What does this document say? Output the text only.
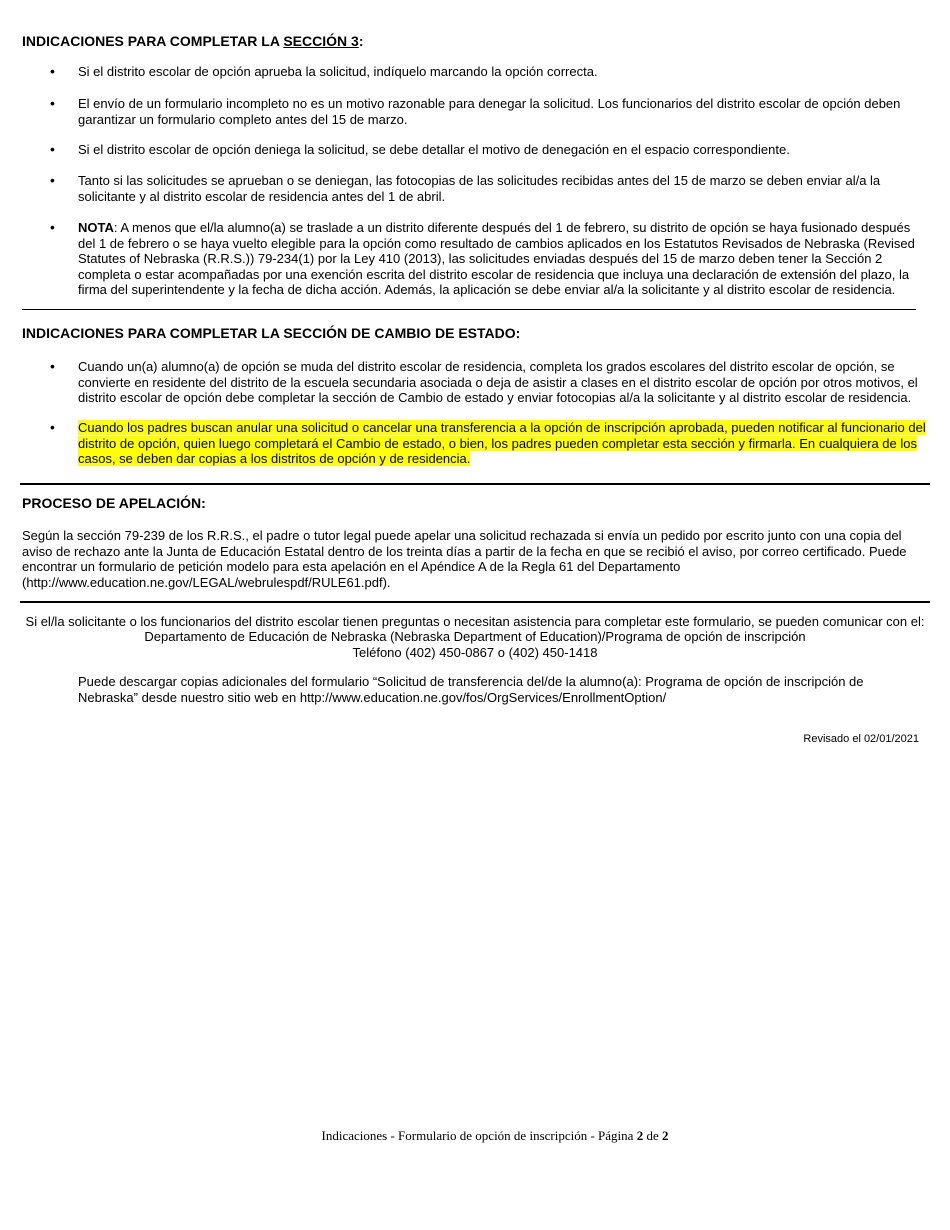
INDICACIONES PARA COMPLETAR LA SECCIÓN 3:
• Si el distrito escolar de opción aprueba la solicitud, indíquelo marcando la opción correcta.
• El envío de un formulario incompleto no es un motivo razonable para denegar la solicitud. Los funcionarios del distrito escolar de opción deben garantizar un formulario completo antes del 15 de marzo.
• Si el distrito escolar de opción deniega la solicitud, se debe detallar el motivo de denegación en el espacio correspondiente.
• Tanto si las solicitudes se aprueban o se deniegan, las fotocopias de las solicitudes recibidas antes del 15 de marzo se deben enviar al/a la solicitante y al distrito escolar de residencia antes del 1 de abril.
• NOTA: A menos que el/la alumno(a) se traslade a un distrito diferente después del 1 de febrero, su distrito de opción se haya fusionado después del 1 de febrero o se haya vuelto elegible para la opción como resultado de cambios aplicados en los Estatutos Revisados de Nebraska (Revised Statutes of Nebraska (R.R.S.)) 79-234(1) por la Ley 410 (2013), las solicitudes enviadas después del 15 de marzo deben tener la Sección 2 completa o estar acompañadas por una exención escrita del distrito escolar de residencia que incluya una declaración de extensión del plazo, la firma del superintendente y la fecha de dicha acción. Además, la aplicación se debe enviar al/a la solicitante y al distrito escolar de residencia.
INDICACIONES PARA COMPLETAR LA SECCIÓN DE CAMBIO DE ESTADO:
• Cuando un(a) alumno(a) de opción se muda del distrito escolar de residencia, completa los grados escolares del distrito escolar de opción, se convierte en residente del distrito de la escuela secundaria asociada o deja de asistir a clases en el distrito escolar de opción por otros motivos, el distrito escolar de opción debe completar la sección de Cambio de estado y enviar fotocopias al/a la solicitante y al distrito escolar de residencia.
• Cuando los padres buscan anular una solicitud o cancelar una transferencia a la opción de inscripción aprobada, pueden notificar al funcionario del distrito de opción, quien luego completará el Cambio de estado, o bien, los padres pueden completar esta sección y firmarla. En cualquiera de los casos, se deben dar copias a los distritos de opción y de residencia.
PROCESO DE APELACIÓN:
Según la sección 79-239 de los R.R.S., el padre o tutor legal puede apelar una solicitud rechazada si envía un pedido por escrito junto con una copia del aviso de rechazo ante la Junta de Educación Estatal dentro de los treinta días a partir de la fecha en que se recibió el aviso, por correo certificado. Puede encontrar un formulario de petición modelo para esta apelación en el Apéndice A de la Regla 61 del Departamento (http://www.education.ne.gov/LEGAL/webrulespdf/RULE61.pdf).
Si el/la solicitante o los funcionarios del distrito escolar tienen preguntas o necesitan asistencia para completar este formulario, se pueden comunicar con el:
Departamento de Educación de Nebraska (Nebraska Department of Education)/Programa de opción de inscripción
Teléfono (402) 450-0867 o (402) 450-1418
Puede descargar copias adicionales del formulario “Solicitud de transferencia del/de la alumno(a): Programa de opción de inscripción de Nebraska” desde nuestro sitio web en http://www.education.ne.gov/fos/OrgServices/EnrollmentOption/
Revisado el 02/01/2021
Indicaciones - Formulario de opción de inscripción - Página 2 de 2
